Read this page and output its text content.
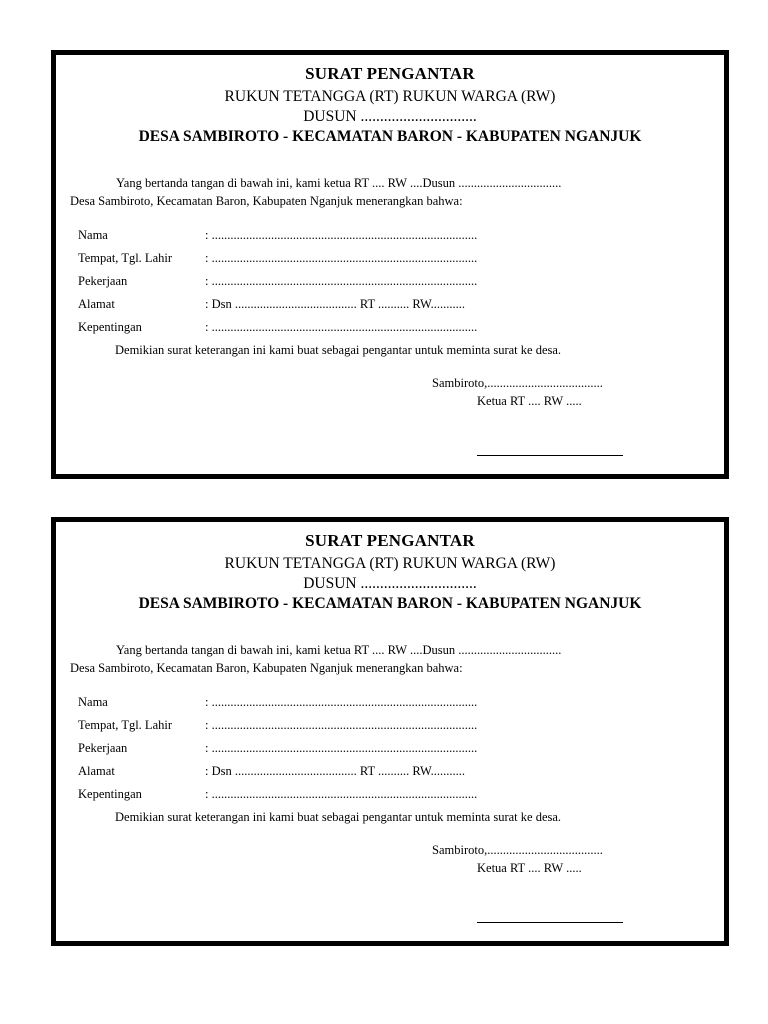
SURAT PENGANTAR
RUKUN TETANGGA (RT) RUKUN WARGA (RW)
DUSUN ..............................
DESA SAMBIROTO - KECAMATAN BARON - KABUPATEN NGANJUK
Yang bertanda tangan di bawah ini, kami ketua RT .... RW ....Dusun .................................
Desa Sambiroto, Kecamatan Baron, Kabupaten Nganjuk menerangkan bahwa:
Nama	: .....................................................................................
Tempat, Tgl. Lahir	: .....................................................................................
Pekerjaan	: .....................................................................................
Alamat	: Dsn ....................................... RT .......... RW...........
Kepentingan	: .....................................................................................
Demikian surat keterangan ini kami buat sebagai pengantar untuk meminta surat ke desa.
Sambiroto,.....................................
Ketua RT .... RW .....
SURAT PENGANTAR
RUKUN TETANGGA (RT) RUKUN WARGA (RW)
DUSUN ..............................
DESA SAMBIROTO - KECAMATAN BARON - KABUPATEN NGANJUK
Yang bertanda tangan di bawah ini, kami ketua RT .... RW ....Dusun .................................
Desa Sambiroto, Kecamatan Baron, Kabupaten Nganjuk menerangkan bahwa:
Nama	: .....................................................................................
Tempat, Tgl. Lahir	: .....................................................................................
Pekerjaan	: .....................................................................................
Alamat	: Dsn ....................................... RT .......... RW...........
Kepentingan	: .....................................................................................
Demikian surat keterangan ini kami buat sebagai pengantar untuk meminta surat ke desa.
Sambiroto,.....................................
Ketua RT .... RW .....
